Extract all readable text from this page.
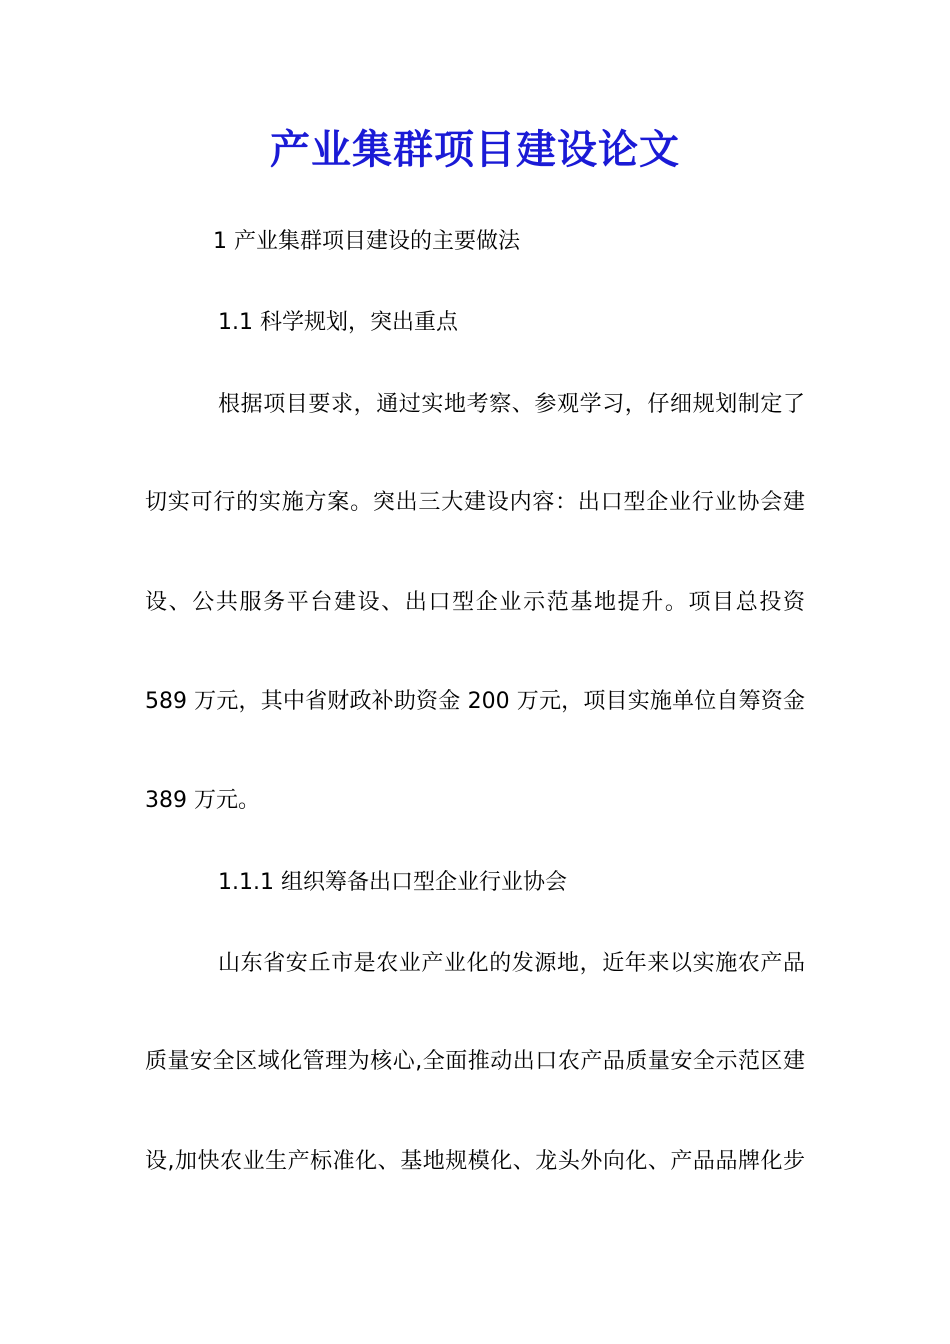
产业集群项目建设论文
1 产业集群项目建设的主要做法
1.1 科学规划，突出重点
根据项目要求，通过实地考察、参观学习，仔细规划制定了
切实可行的实施方案。突出三大建设内容：出口型企业行业协会建
设、公共服务平台建设、出口型企业示范基地提升。项目总投资
589 万元，其中省财政补助资金 200 万元，项目实施单位自筹资金
389 万元。
1.1.1 组织筹备出口型企业行业协会
山东省安丘市是农业产业化的发源地，近年来以实施农产品
质量安全区域化管理为核心,全面推动出口农产品质量安全示范区建
设,加快农业生产标准化、基地规模化、龙头外向化、产品品牌化步
